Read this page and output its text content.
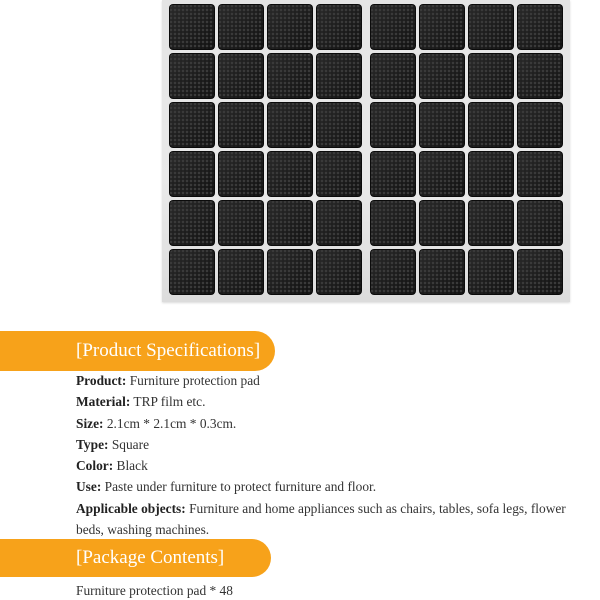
[Product Specifications]
Product: Furniture protection pad
Material: TRP film etc.
Size: 2.1cm * 2.1cm * 0.3cm.
Type: Square
Color: Black
Use: Paste under furniture to protect furniture and floor.
Applicable objects: Furniture and home appliances such as chairs, tables, sofa legs, flower beds, washing machines.
[Package Contents]
Furniture protection pad * 48
